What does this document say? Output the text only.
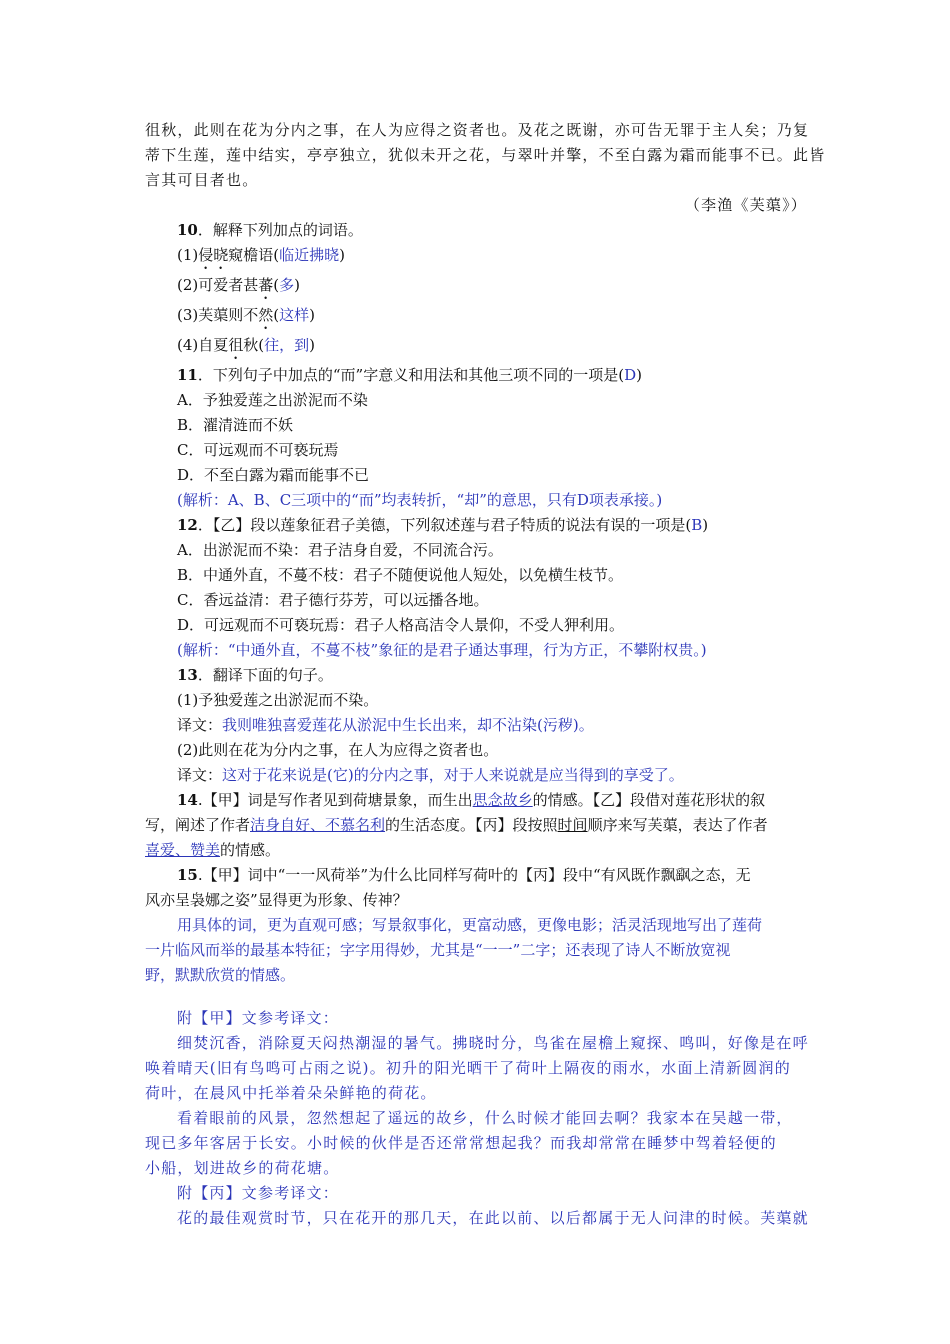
徂秋，此则在花为分内之事，在人为应得之资者也。及花之既谢，亦可告无罪于主人矣；乃复
蒂下生莲，莲中结实，亭亭独立，犹似未开之花，与翠叶并擎，不至白露为霜而能事不已。此皆
言其可目者也。
（李渔《芙蕖》）
10．解释下列加点的词语。
(1)侵晓窥檐语(临近拂晓)
(2)可爱者甚蕃(多)
(3)芙蕖则不然(这样)
(4)自夏徂秋(往，到)
11．下列句子中加点的“而”字意义和用法和其他三项不同的一项是(D)
A．予独爱莲之出淤泥而不染
B．濯清涟而不妖
C．可远观而不可亵玩焉
D．不至白露为霜而能事不已
(解析：A、B、C三项中的“而”均表转折，“却”的意思，只有D项表承接。)
12．【乙】段以莲象征君子美德，下列叙述莲与君子特质的说法有误的一项是(B)
A．出淤泥而不染：君子洁身自爱，不同流合污。
B．中通外直，不蔓不枝：君子不随便说他人短处，以免横生枝节。
C．香远益清：君子德行芬芳，可以远播各地。
D．可远观而不可亵玩焉：君子人格高洁令人景仰，不受人狎利用。
(解析：“中通外直，不蔓不枝”象征的是君子通达事理，行为方正，不攀附权贵。)
13．翻译下面的句子。
(1)予独爱莲之出淤泥而不染。
译文：我则唯独喜爱莲花从淤泥中生长出来，却不沾染(污秽)。
(2)此则在花为分内之事，在人为应得之资者也。
译文：这对于花来说是(它)的分内之事，对于人来说就是应当得到的享受了。
14.【甲】词是写作者见到荷塘景象，而生出思念故乡的情感。【乙】段借对莲花形状的叙
写，阐述了作者洁身自好、不慕名利的生活态度。【丙】段按照时间顺序来写芙蕖，表达了作者
喜爱、赞美的情感。
15.【甲】词中“一一风荷举”为什么比同样写荷叶的【丙】段中“有风既作飘飖之态，无
风亦呈袅娜之姿”显得更为形象、传神？
用具体的词，更为直观可感；写景叙事化，更富动感，更像电影；活灵活现地写出了莲荷
一片临风而举的最基本特征；字字用得妙，尤其是“一一”二字；还表现了诗人不断放宽视
野，默默欣赏的情感。
附【甲】文参考译文：
细焚沉香，消除夏天闷热潮湿的暑气。拂晓时分，鸟雀在屋檐上窥探、鸣叫，好像是在呼
唤着晴天(旧有鸟鸣可占雨之说)。初升的阳光晒干了荷叶上隔夜的雨水，水面上清新圆润的
荷叶，在晨风中托举着朵朵鲜艳的荷花。
看着眼前的风景，忽然想起了遥远的故乡，什么时候才能回去啊？我家本在吴越一带，
现已多年客居于长安。小时候的伙伴是否还常常想起我？而我却常常在睡梦中驾着轻便的
小船，划进故乡的荷花塘。
附【丙】文参考译文：
花的最佳观赏时节，只在花开的那几天，在此以前、以后都属于无人问津的时候。芙蕖就
